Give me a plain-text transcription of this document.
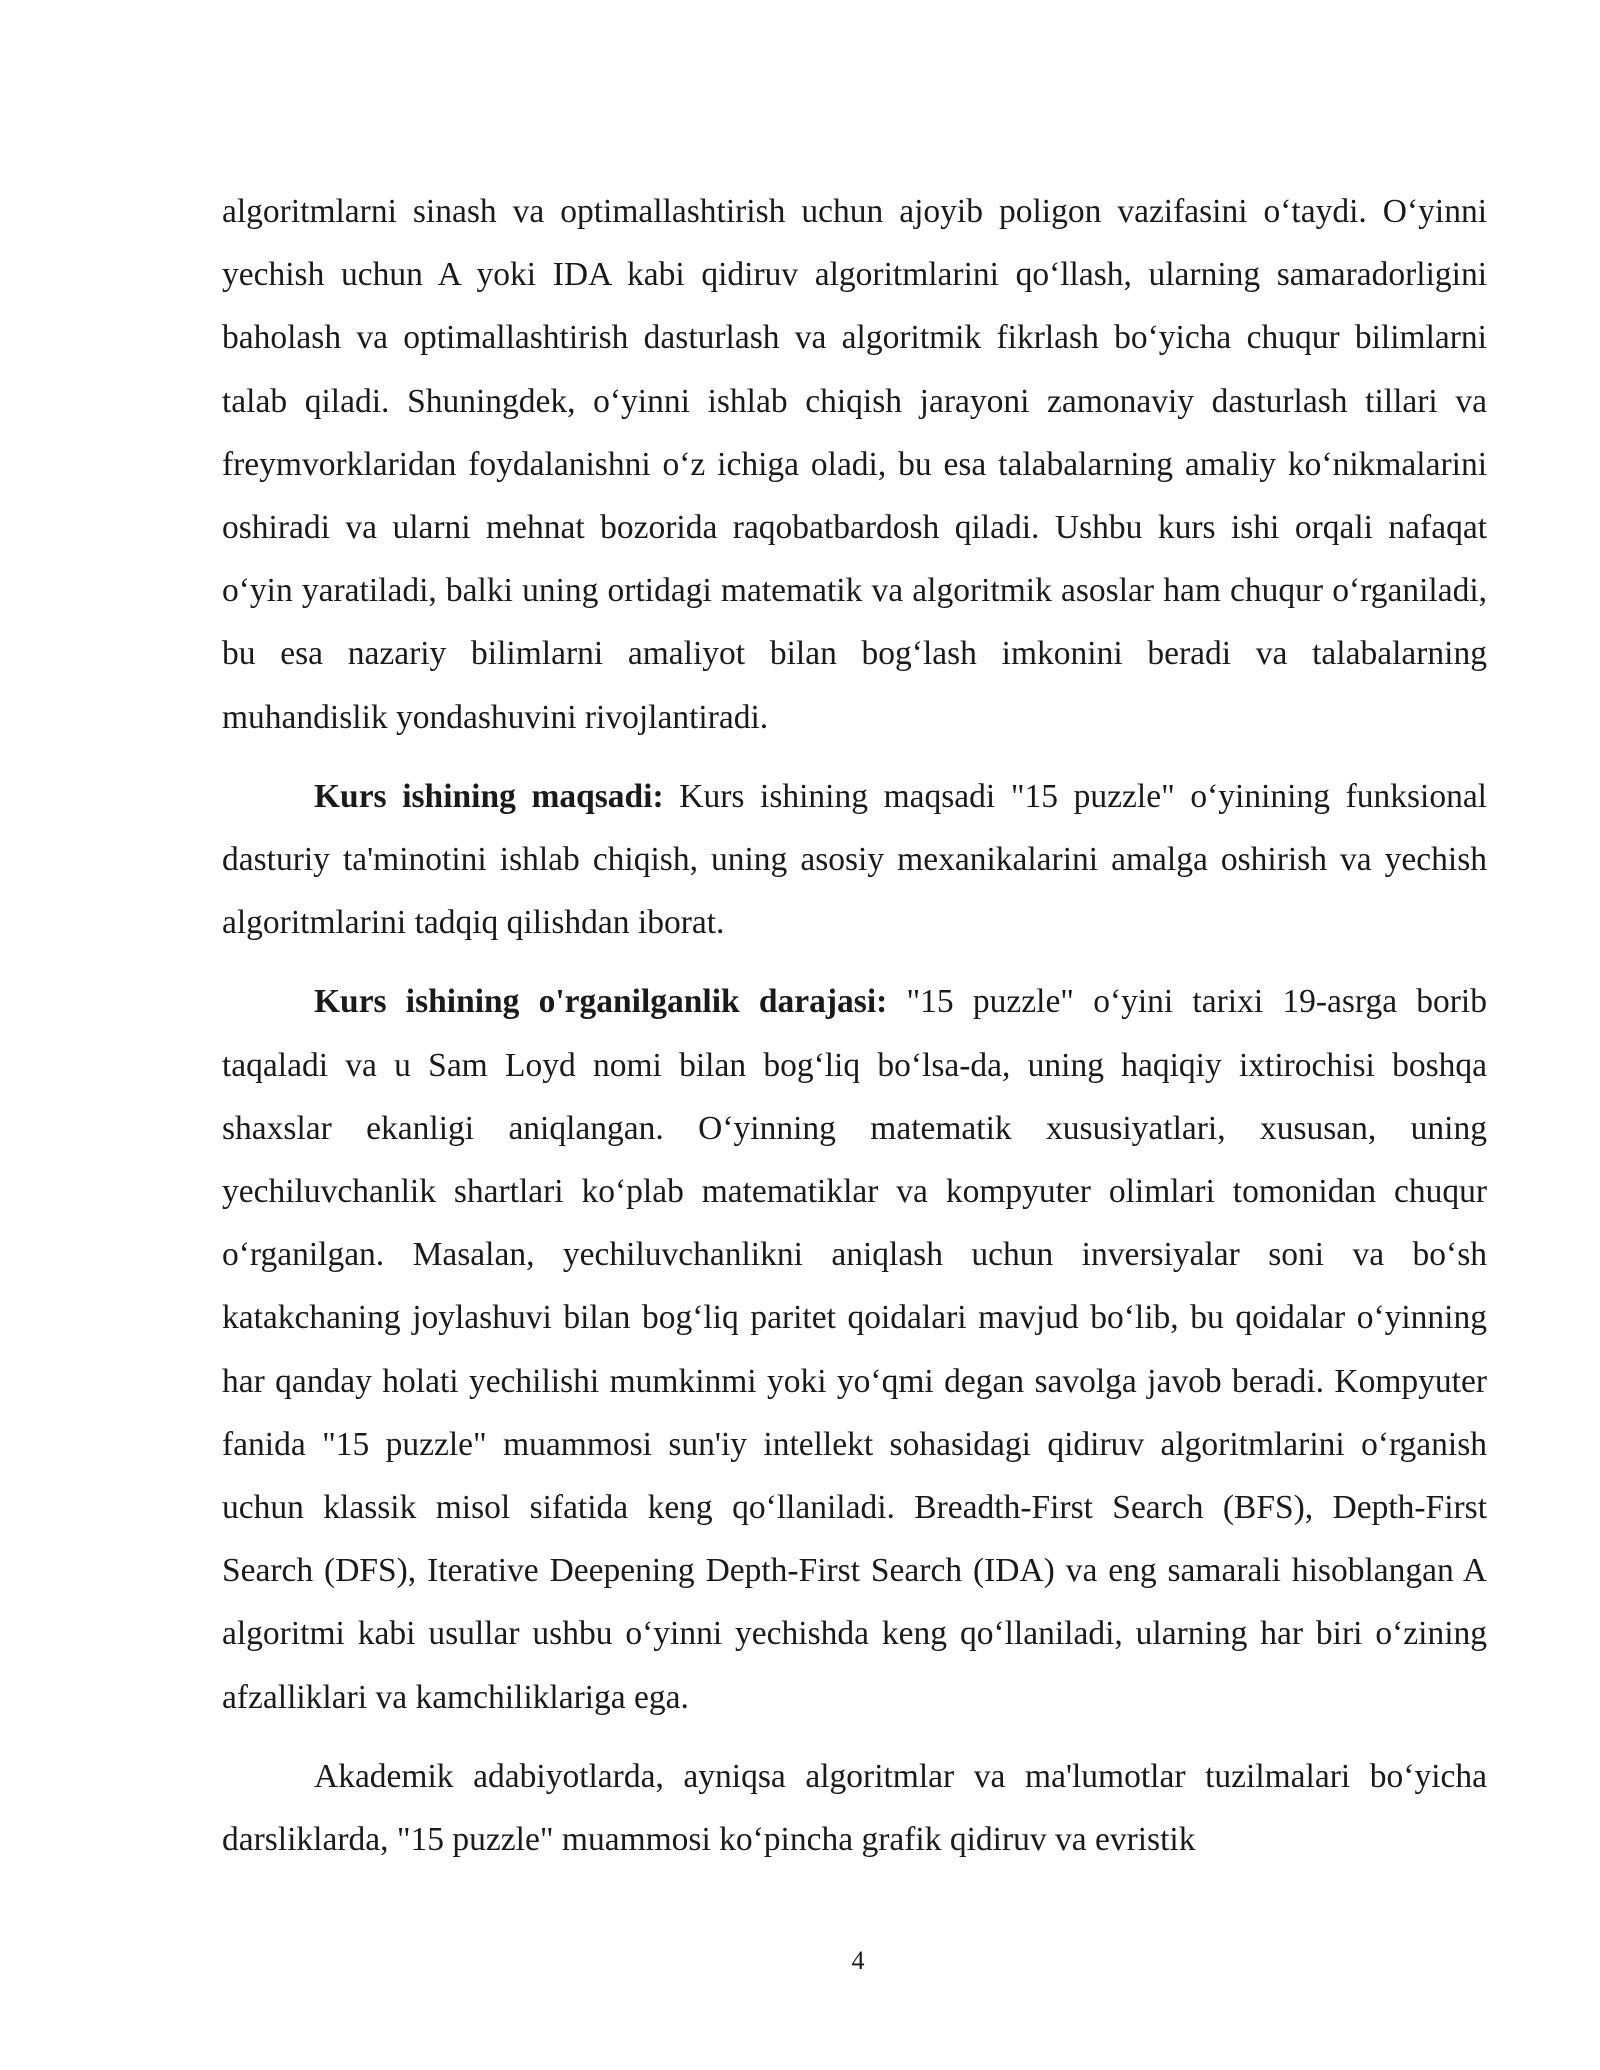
algoritmlarni sinash va optimallashtirish uchun ajoyib poligon vazifasini o‘taydi. O‘yinni yechish uchun A yoki IDA kabi qidiruv algoritmlarini qo‘llash, ularning samaradorligini baholash va optimallashtirish dasturlash va algoritmik fikrlash bo‘yicha chuqur bilimlarni talab qiladi. Shuningdek, o‘yinni ishlab chiqish jarayoni zamonaviy dasturlash tillari va freymvorklaridan foydalanishni o‘z ichiga oladi, bu esa talabalarning amaliy ko‘nikmalarini oshiradi va ularni mehnat bozorida raqobatbardosh qiladi. Ushbu kurs ishi orqali nafaqat o‘yin yaratiladi, balki uning ortidagi matematik va algoritmik asoslar ham chuqur o‘rganiladi, bu esa nazariy bilimlarni amaliyot bilan bog‘lash imkonini beradi va talabalarning muhandislik yondashuvini rivojlantiradi.

Kurs ishining maqsadi: Kurs ishining maqsadi "15 puzzle" o‘yinining funksional dasturiy ta'minotini ishlab chiqish, uning asosiy mexanikalarini amalga oshirish va yechish algoritmlarini tadqiq qilishdan iborat.

Kurs ishining o'rganilganlik darajasi: "15 puzzle" o‘yini tarixi 19-asrga borib taqaladi va u Sam Loyd nomi bilan bog‘liq bo‘lsa-da, uning haqiqiy ixtirochisi boshqa shaxslar ekanligi aniqlangan. O‘yinning matematik xususiyatlari, xususan, uning yechiluvchanlik shartlari ko‘plab matematiklar va kompyuter olimlari tomonidan chuqur o‘rganilgan. Masalan, yechiluvchanlikni aniqlash uchun inversiyalar soni va bo‘sh katakchaning joylashuvi bilan bog‘liq paritet qoidalari mavjud bo‘lib, bu qoidalar o‘yinning har qanday holati yechilishi mumkinmi yoki yo‘qmi degan savolga javob beradi. Kompyuter fanida "15 puzzle" muammosi sun'iy intellekt sohasidagi qidiruv algoritmlarini o‘rganish uchun klassik misol sifatida keng qo‘llaniladi. Breadth-First Search (BFS), Depth-First Search (DFS), Iterative Deepening Depth-First Search (IDA) va eng samarali hisoblangan A algoritmi kabi usullar ushbu o‘yinni yechishda keng qo‘llaniladi, ularning har biri o‘zining afzalliklari va kamchiliklariga ega.

Akademik adabiyotlarda, ayniqsa algoritmlar va ma'lumotlar tuzilmalari bo‘yicha darsliklarda, "15 puzzle" muammosi ko‘pincha grafik qidiruv va evristik

4
